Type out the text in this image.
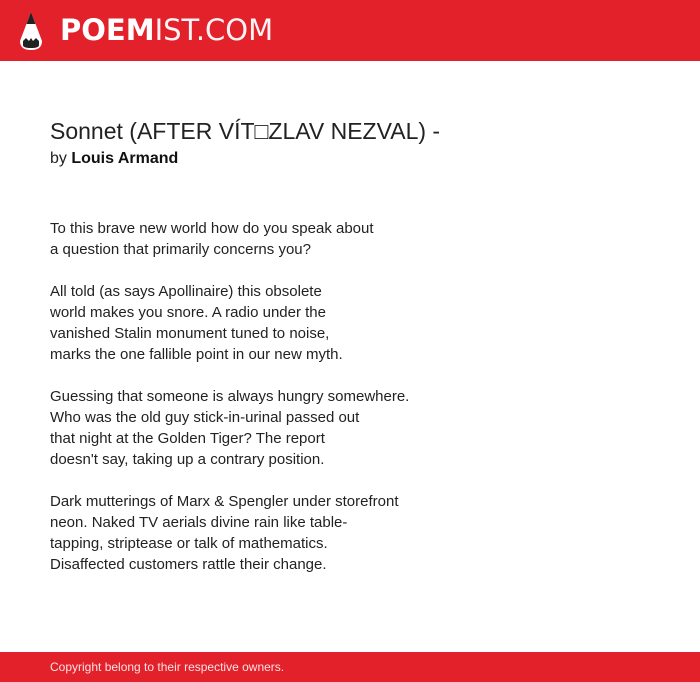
POEM IST.COM
Sonnet (AFTER VÍT□ZLAV NEZVAL) -
by Louis Armand

To this brave new world how do you speak about
a question that primarily concerns you?

All told (as says Apollinaire) this obsolete
world makes you snore. A radio under the
vanished Stalin monument tuned to noise,
marks the one fallible point in our new myth.

Guessing that someone is always hungry somewhere.
Who was the old guy stick-in-urinal passed out
that night at the Golden Tiger? The report
doesn't say, taking up a contrary position.

Dark mutterings of Marx & Spengler under storefront
neon. Naked TV aerials divine rain like table-
tapping, striptease or talk of mathematics.
Disaffected customers rattle their change.

Copyright belong to their respective owners.
